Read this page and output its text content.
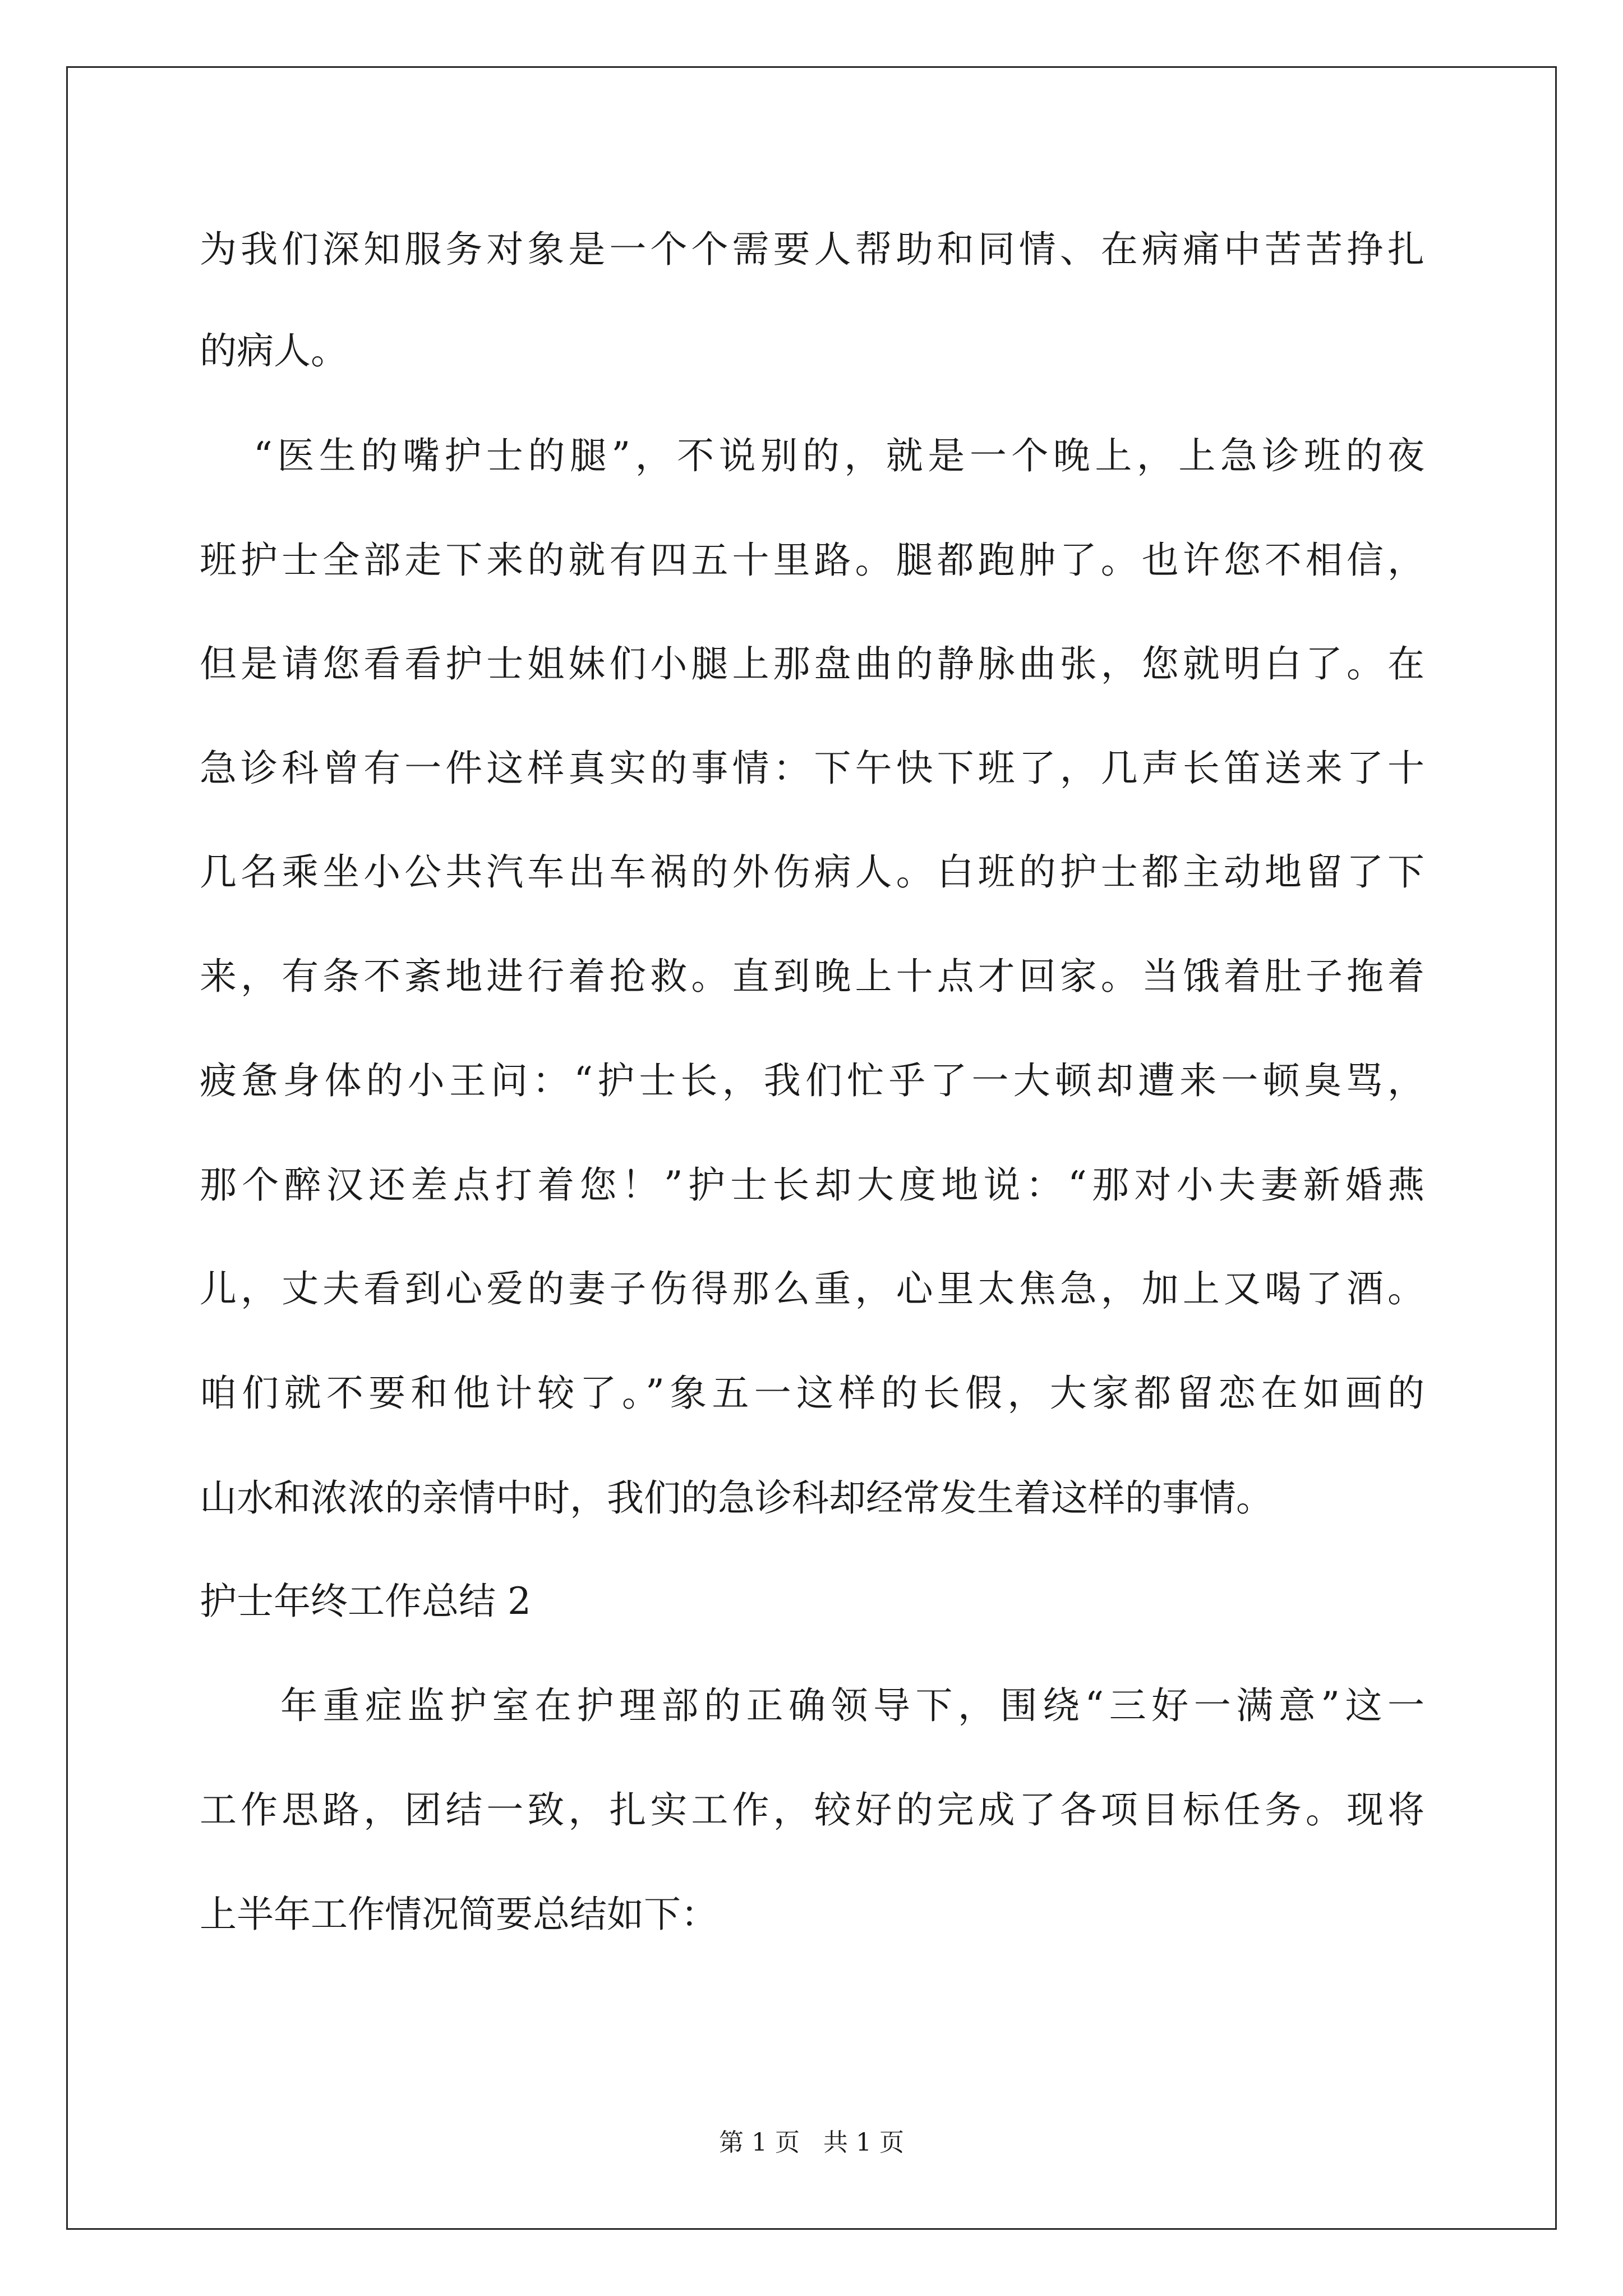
为我们深知服务对象是一个个需要人帮助和同情、在病痛中苦苦挣扎
的病人。
“医生的嘴护士的腿”，不说别的，就是一个晚上，上急诊班的夜
班护士全部走下来的就有四五十里路。腿都跑肿了。也许您不相信，
但是请您看看护士姐妹们小腿上那盘曲的静脉曲张，您就明白了。在
急诊科曾有一件这样真实的事情：下午快下班了，几声长笛送来了十
几名乘坐小公共汽车出车祸的外伤病人。白班的护士都主动地留了下
来，有条不紊地进行着抢救。直到晚上十点才回家。当饿着肚子拖着
疲惫身体的小王问：“护士长，我们忙乎了一大顿却遭来一顿臭骂，
那个醉汉还差点打着您！”护士长却大度地说：“那对小夫妻新婚燕
儿，丈夫看到心爱的妻子伤得那么重，心里太焦急，加上又喝了酒。
咱们就不要和他计较了。”象五一这样的长假，大家都留恋在如画的
山水和浓浓的亲情中时，我们的急诊科却经常发生着这样的事情。
护士年终工作总结 2
年重症监护室在护理部的正确领导下，围绕“三好一满意”这一
工作思路，团结一致，扎实工作，较好的完成了各项目标任务。现将
上半年工作情况简要总结如下：
第 1 页   共 1 页
